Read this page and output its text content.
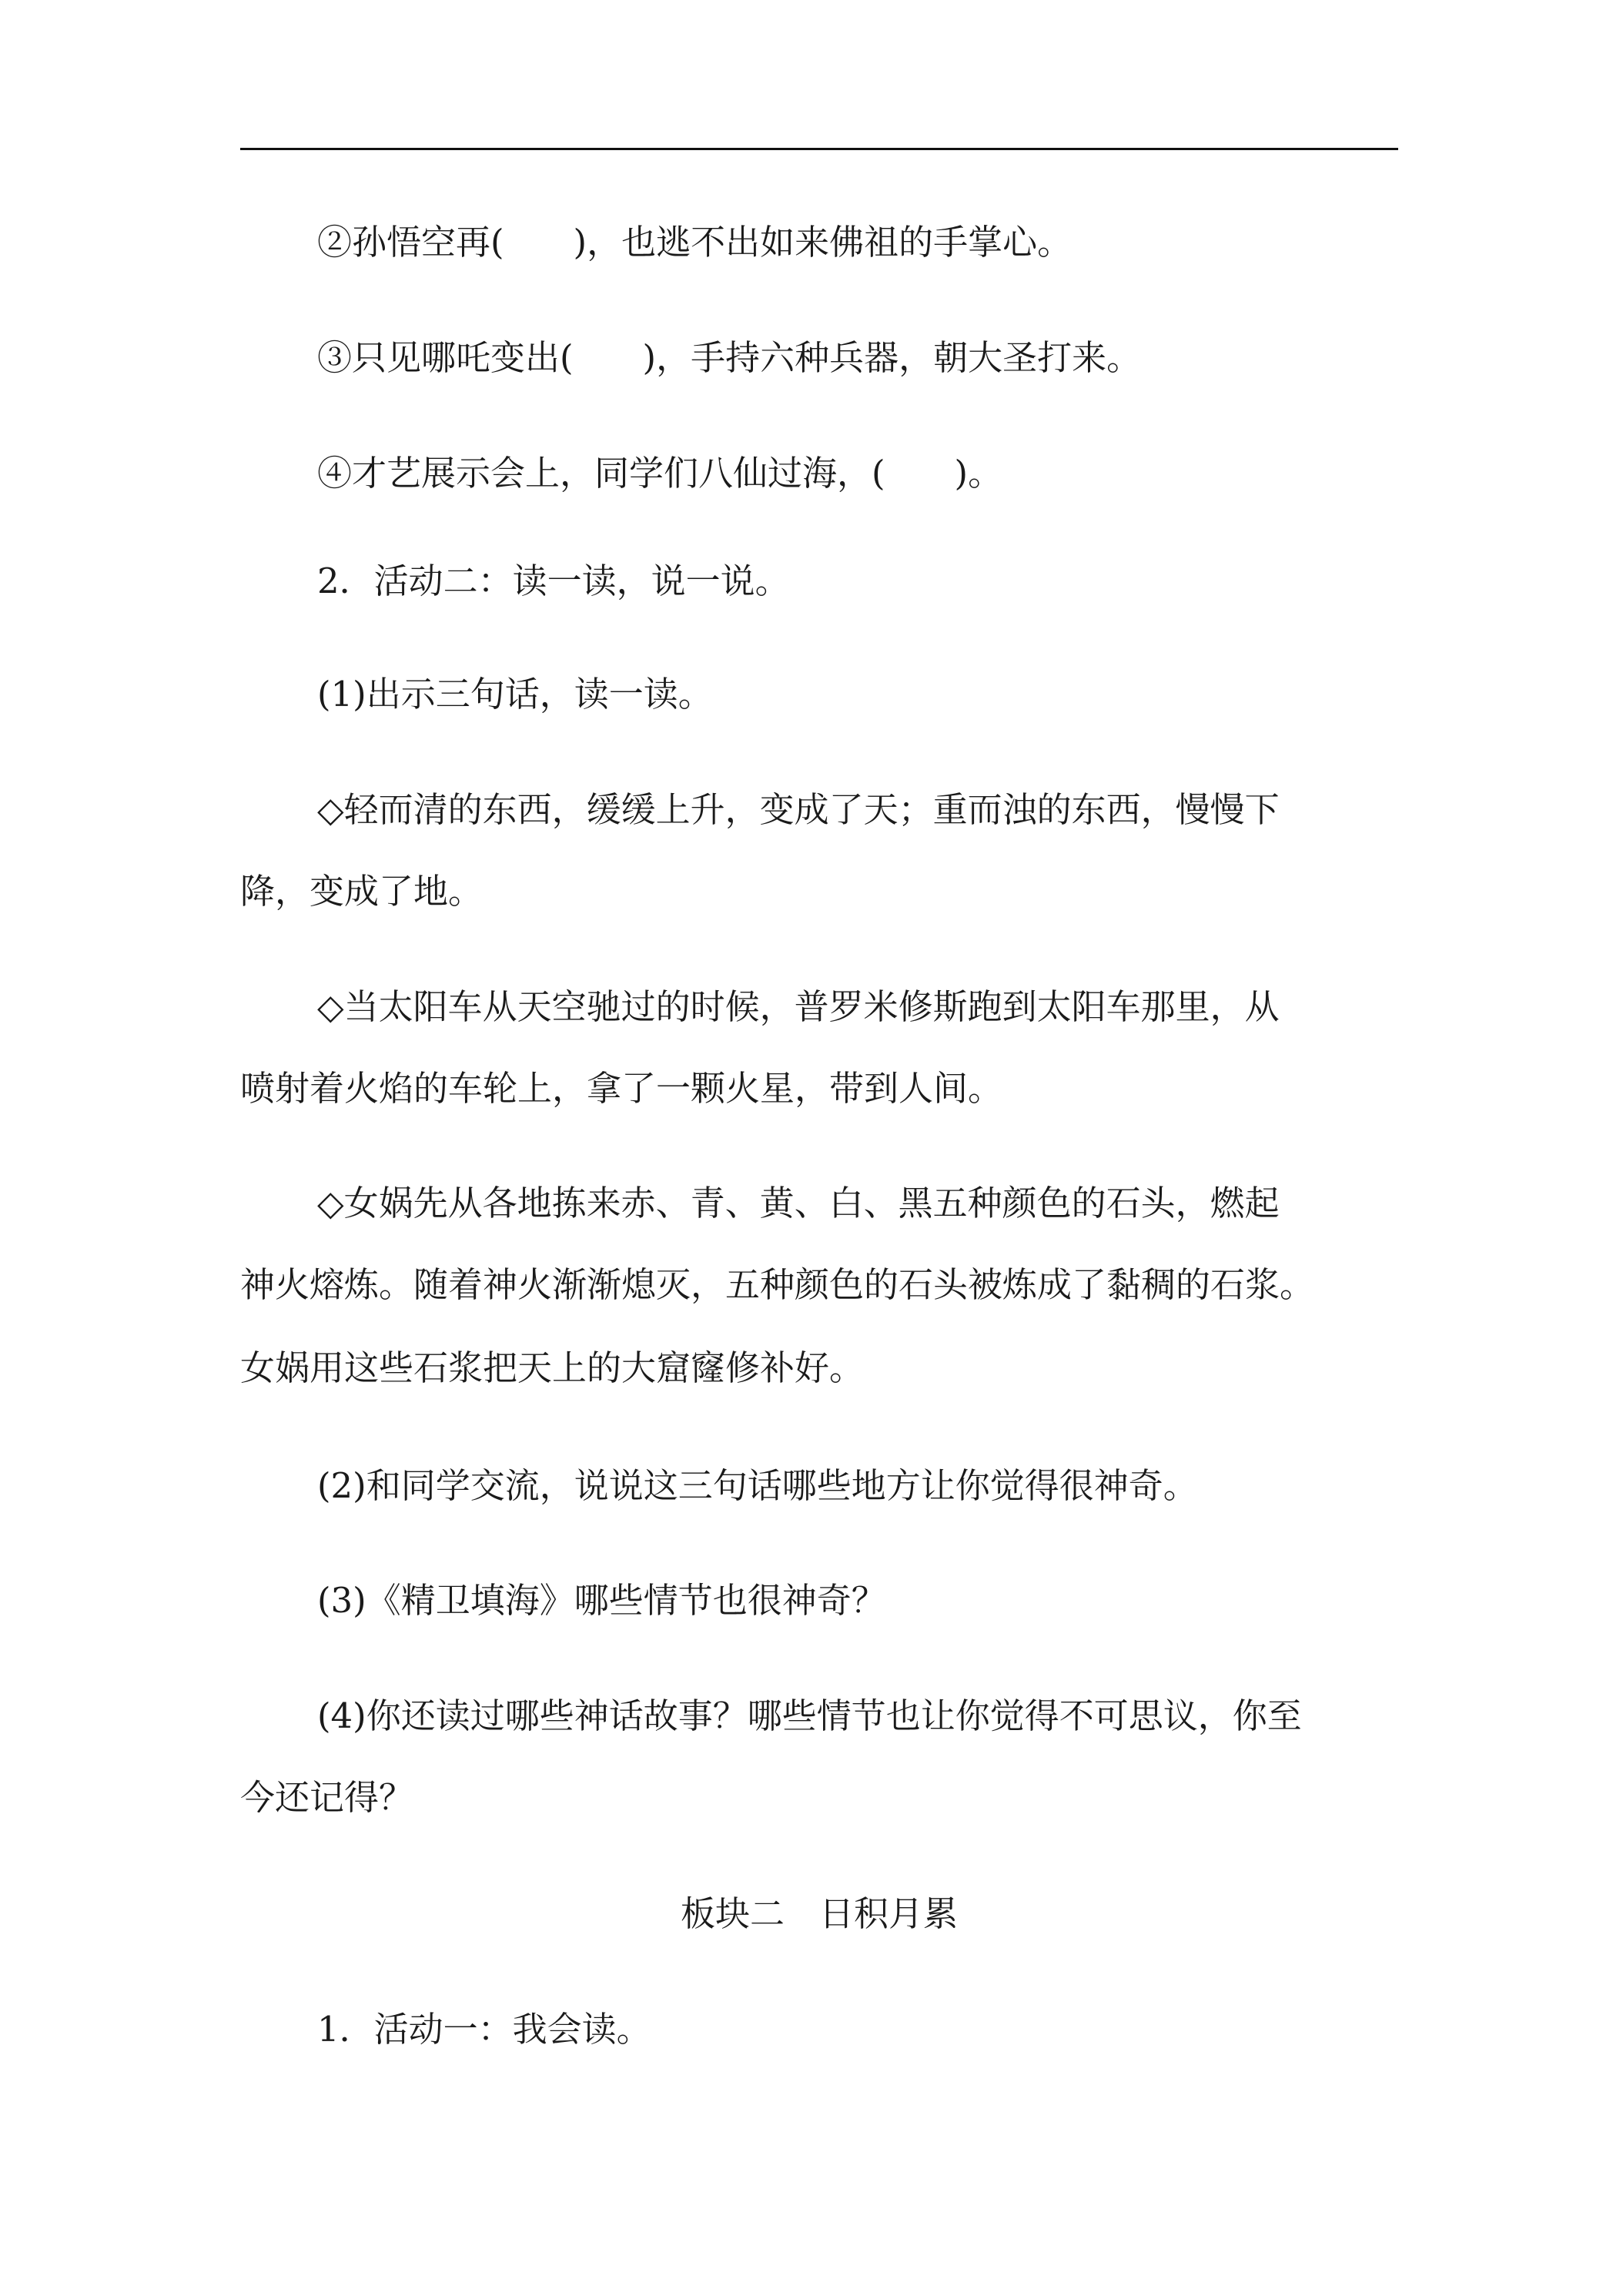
②孙悟空再(　　)，也逃不出如来佛祖的手掌心。
③只见哪吒变出(　　)，手持六种兵器，朝大圣打来。
④才艺展示会上，同学们八仙过海，(　　)。
2．活动二：读一读，说一说。
(1)出示三句话，读一读。
◇轻而清的东西，缓缓上升，变成了天；重而浊的东西，慢慢下
降，变成了地。
◇当太阳车从天空驰过的时候，普罗米修斯跑到太阳车那里，从
喷射着火焰的车轮上，拿了一颗火星，带到人间。
◇女娲先从各地拣来赤、青、黄、白、黑五种颜色的石头，燃起
神火熔炼。随着神火渐渐熄灭，五种颜色的石头被炼成了黏稠的石浆。
女娲用这些石浆把天上的大窟窿修补好。
(2)和同学交流，说说这三句话哪些地方让你觉得很神奇。
(3)《精卫填海》哪些情节也很神奇？
(4)你还读过哪些神话故事？哪些情节也让你觉得不可思议，你至
今还记得？
板块二　日积月累
1．活动一：我会读。
